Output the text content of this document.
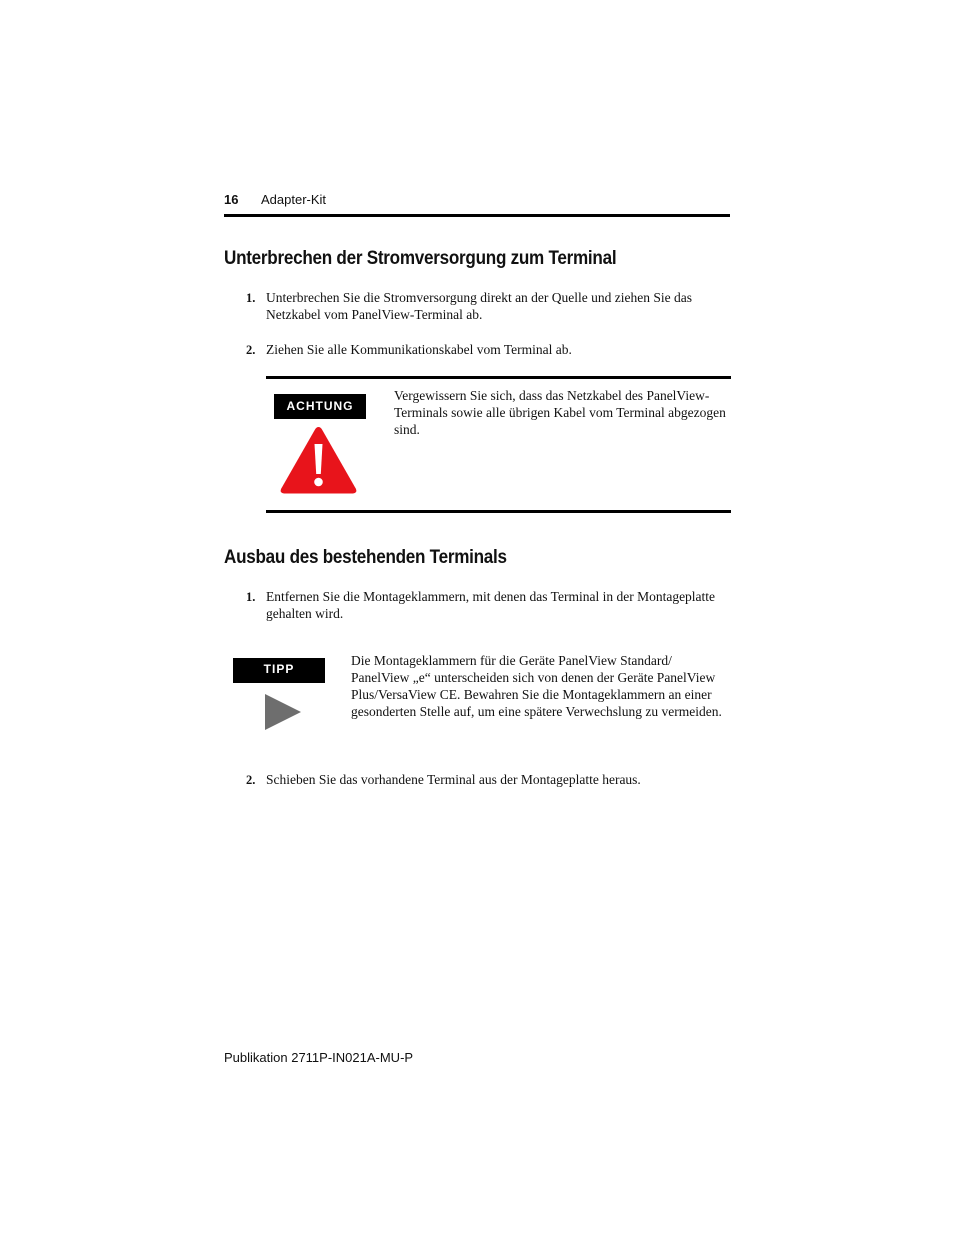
16 Adapter-Kit
Unterbrechen der Stromversorgung zum Terminal
1. Unterbrechen Sie die Stromversorgung direkt an der Quelle und ziehen Sie das Netzkabel vom PanelView-Terminal ab.
2. Ziehen Sie alle Kommunikationskabel vom Terminal ab.
ACHTUNG
Vergewissern Sie sich, dass das Netzkabel des PanelView-Terminals sowie alle übrigen Kabel vom Terminal abgezogen sind.
Ausbau des bestehenden Terminals
1. Entfernen Sie die Montageklammern, mit denen das Terminal in der Montageplatte gehalten wird.
TIPP
Die Montageklammern für die Geräte PanelView Standard/ PanelView „e“ unterscheiden sich von denen der Geräte PanelView Plus/VersaView CE. Bewahren Sie die Montageklammern an einer gesonderten Stelle auf, um eine spätere Verwechslung zu vermeiden.
2. Schieben Sie das vorhandene Terminal aus der Montageplatte heraus.
Publikation 2711P-IN021A-MU-P
